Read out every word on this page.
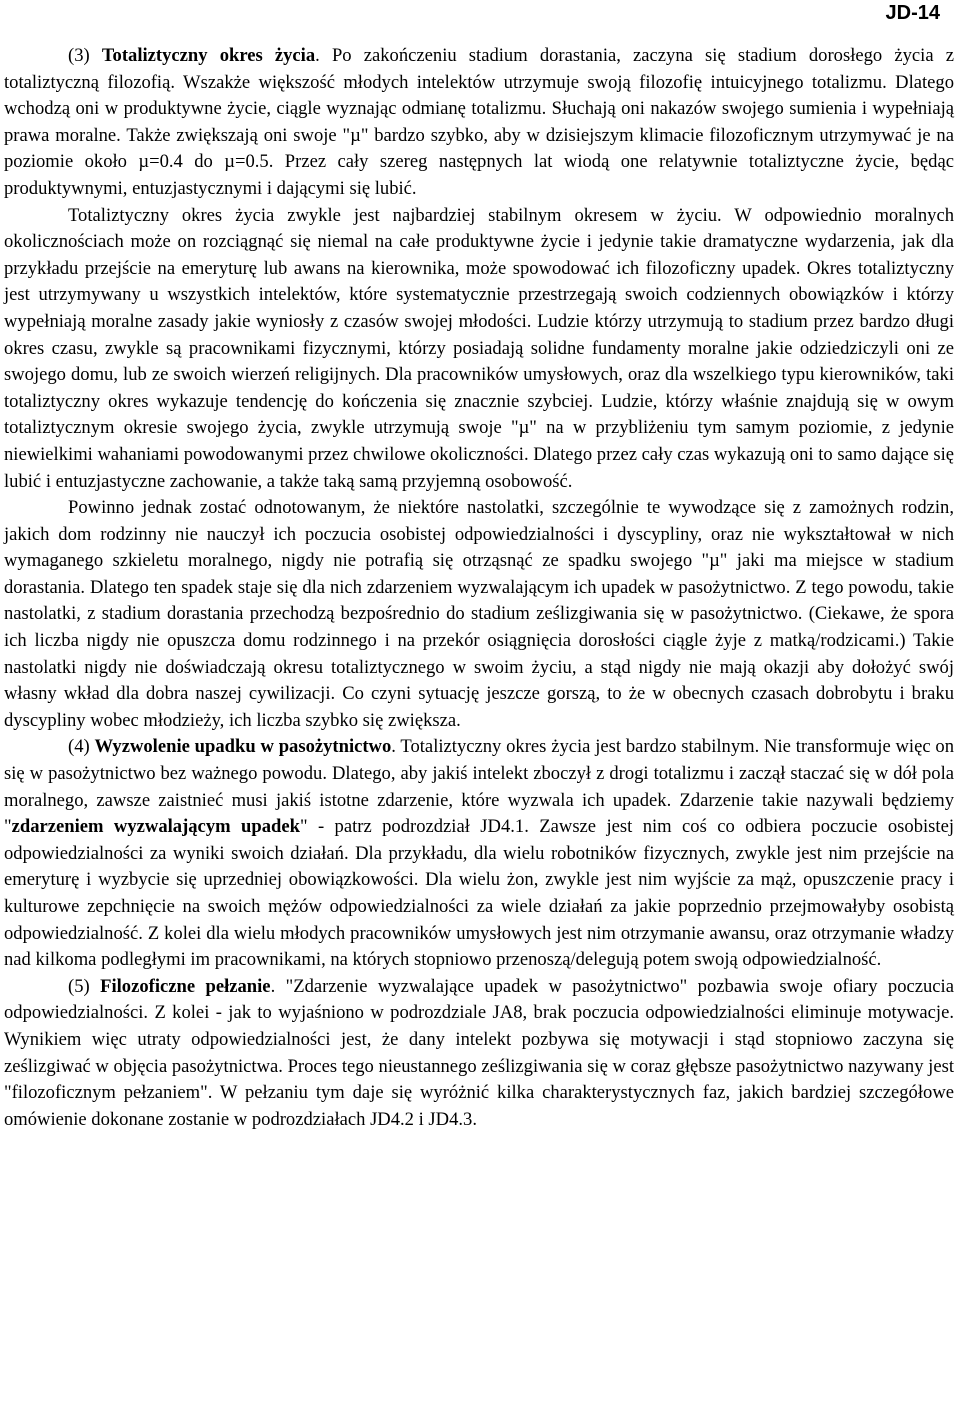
JD-14

(3) Totaliztyczny okres życia. Po zakończeniu stadium dorastania, zaczyna się stadium dorosłego życia z totaliztyczną filozofią. Wszakże większość młodych intelektów utrzymuje swoją filozofię intuicyjnego totalizmu. Dlatego wchodzą oni w produktywne życie, ciągle wyznając odmianę totalizmu. Słuchają oni nakazów swojego sumienia i wypełniają prawa moralne. Także zwiększają oni swoje "µ" bardzo szybko, aby w dzisiejszym klimacie filozoficznym utrzymywać je na poziomie około µ=0.4 do µ=0.5. Przez cały szereg następnych lat wiodą one relatywnie totaliztyczne życie, będąc produktywnymi, entuzjastycznymi i dającymi się lubić.

Totaliztyczny okres życia zwykle jest najbardziej stabilnym okresem w życiu. W odpowiednio moralnych okolicznościach może on rozciągnąć się niemal na całe produktywne życie i jedynie takie dramatyczne wydarzenia, jak dla przykładu przejście na emeryturę lub awans na kierownika, może spowodować ich filozoficzny upadek. Okres totaliztyczny jest utrzymywany u wszystkich intelektów, które systematycznie przestrzegają swoich codziennych obowiązków i którzy wypełniają moralne zasady jakie wyniosły z czasów swojej młodości. Ludzie którzy utrzymują to stadium przez bardzo długi okres czasu, zwykle są pracownikami fizycznymi, którzy posiadają solidne fundamenty moralne jakie odziedziczyli oni ze swojego domu, lub ze swoich wierzeń religijnych. Dla pracowników umysłowych, oraz dla wszelkiego typu kierowników, taki totaliztyczny okres wykazuje tendencję do kończenia się znacznie szybciej. Ludzie, którzy właśnie znajdują się w owym totaliztycznym okresie swojego życia, zwykle utrzymują swoje "µ" na w przybliżeniu tym samym poziomie, z jedynie niewielkimi wahaniami powodowanymi przez chwilowe okoliczności. Dlatego przez cały czas wykazują oni to samo dające się lubić i entuzjastyczne zachowanie, a także taką samą przyjemną osobowość.

Powinno jednak zostać odnotowanym, że niektóre nastolatki, szczególnie te wywodzące się z zamożnych rodzin, jakich dom rodzinny nie nauczył ich poczucia osobistej odpowiedzialności i dyscypliny, oraz nie wykształtował w nich wymaganego szkieletu moralnego, nigdy nie potrafią się otrząsnąć ze spadku swojego "µ" jaki ma miejsce w stadium dorastania. Dlatego ten spadek staje się dla nich zdarzeniem wyzwalającym ich upadek w pasożytnictwo. Z tego powodu, takie nastolatki, z stadium dorastania przechodzą bezpośrednio do stadium ześlizgiwania się w pasożytnictwo. (Ciekawe, że spora ich liczba nigdy nie opuszcza domu rodzinnego i na przekór osiągnięcia dorosłości ciągle żyje z matką/rodzicami.) Takie nastolatki nigdy nie doświadczają okresu totaliztycznego w swoim życiu, a stąd nigdy nie mają okazji aby dołożyć swój własny wkład dla dobra naszej cywilizacji. Co czyni sytuację jeszcze gorszą, to że w obecnych czasach dobrobytu i braku dyscypliny wobec młodzieży, ich liczba szybko się zwiększa.

(4) Wyzwolenie upadku w pasożytnictwo. Totaliztyczny okres życia jest bardzo stabilnym. Nie transformuje więc on się w pasożytnictwo bez ważnego powodu. Dlatego, aby jakiś intelekt zboczył z drogi totalizmu i zaczął staczać się w dół pola moralnego, zawsze zaistnieć musi jakiś istotne zdarzenie, które wyzwala ich upadek. Zdarzenie takie nazywali będziemy "zdarzeniem wyzwalającym upadek" - patrz podrozdział JD4.1. Zawsze jest nim coś co odbiera poczucie osobistej odpowiedzialności za wyniki swoich działań. Dla przykładu, dla wielu robotników fizycznych, zwykle jest nim przejście na emeryturę i wyzbycie się uprzedniej obowiązkowości. Dla wielu żon, zwykle jest nim wyjście za mąż, opuszczenie pracy i kulturowe zepchnięcie na swoich mężów odpowiedzialności za wiele działań za jakie poprzednio przejmowałyby osobistą odpowiedzialność. Z kolei dla wielu młodych pracowników umysłowych jest nim otrzymanie awansu, oraz otrzymanie władzy nad kilkoma podległymi im pracownikami, na których stopniowo przenoszą/delegują potem swoją odpowiedzialność.

(5) Filozoficzne pełzanie. "Zdarzenie wyzwalające upadek w pasożytnictwo" pozbawia swoje ofiary poczucia odpowiedzialności. Z kolei - jak to wyjaśniono w podrozdziale JA8, brak poczucia odpowiedzialności eliminuje motywacje. Wynikiem więc utraty odpowiedzialności jest, że dany intelekt pozbywa się motywacji i stąd stopniowo zaczyna się ześlizgiwać w objęcia pasożytnictwa. Proces tego nieustannego ześlizgiwania się w coraz głębsze pasożytnictwo nazywany jest "filozoficznym pełzaniem". W pełzaniu tym daje się wyróżnić kilka charakterystycznych faz, jakich bardziej szczegółowe omówienie dokonane zostanie w podrozdziałach JD4.2 i JD4.3.
